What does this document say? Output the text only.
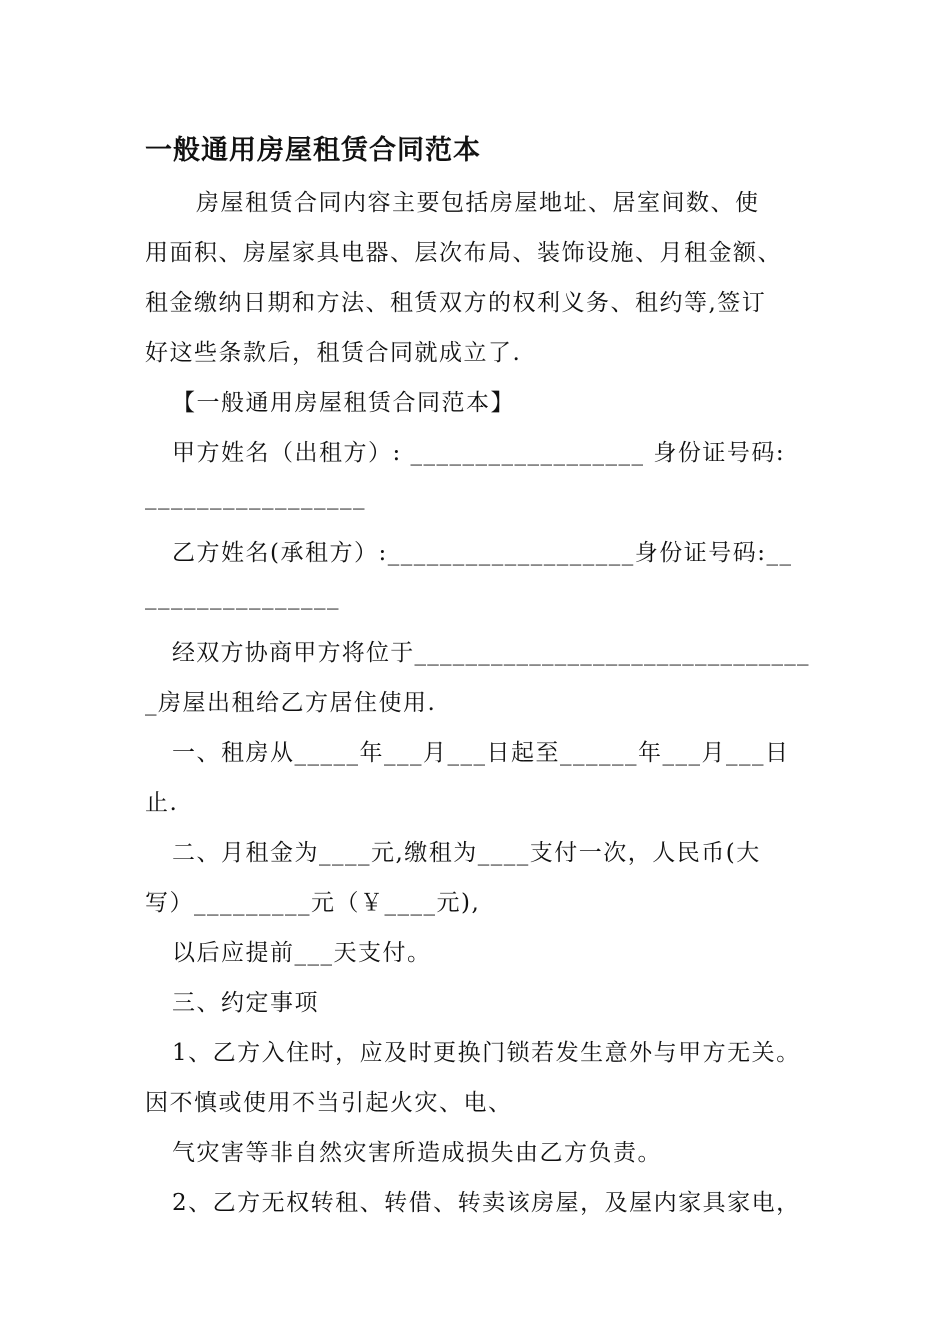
一般通用房屋租赁合同范本
房屋租赁合同内容主要包括房屋地址、居室间数、使
用面积、房屋家具电器、层次布局、装饰设施、月租金额、
租金缴纳日期和方法、租赁双方的权利义务、租约等,签订
好这些条款后，租赁合同就成立了.
【一般通用房屋租赁合同范本】
甲方姓名（出租方）: __________________ 身份证号码:
_________________
乙方姓名(承租方）:___________________身份证号码:__
_______________
经双方协商甲方将位于_______________________________
_房屋出租给乙方居住使用.
一、租房从_____年___月___日起至______年___月___日
止.
二、月租金为____元,缴租为____支付一次，人民币(大
写）_________元（￥____元),
以后应提前___天支付。
三、约定事项
1、乙方入住时，应及时更换门锁若发生意外与甲方无关。
因不慎或使用不当引起火灾、电、
气灾害等非自然灾害所造成损失由乙方负责。
2、乙方无权转租、转借、转卖该房屋，及屋内家具家电，
